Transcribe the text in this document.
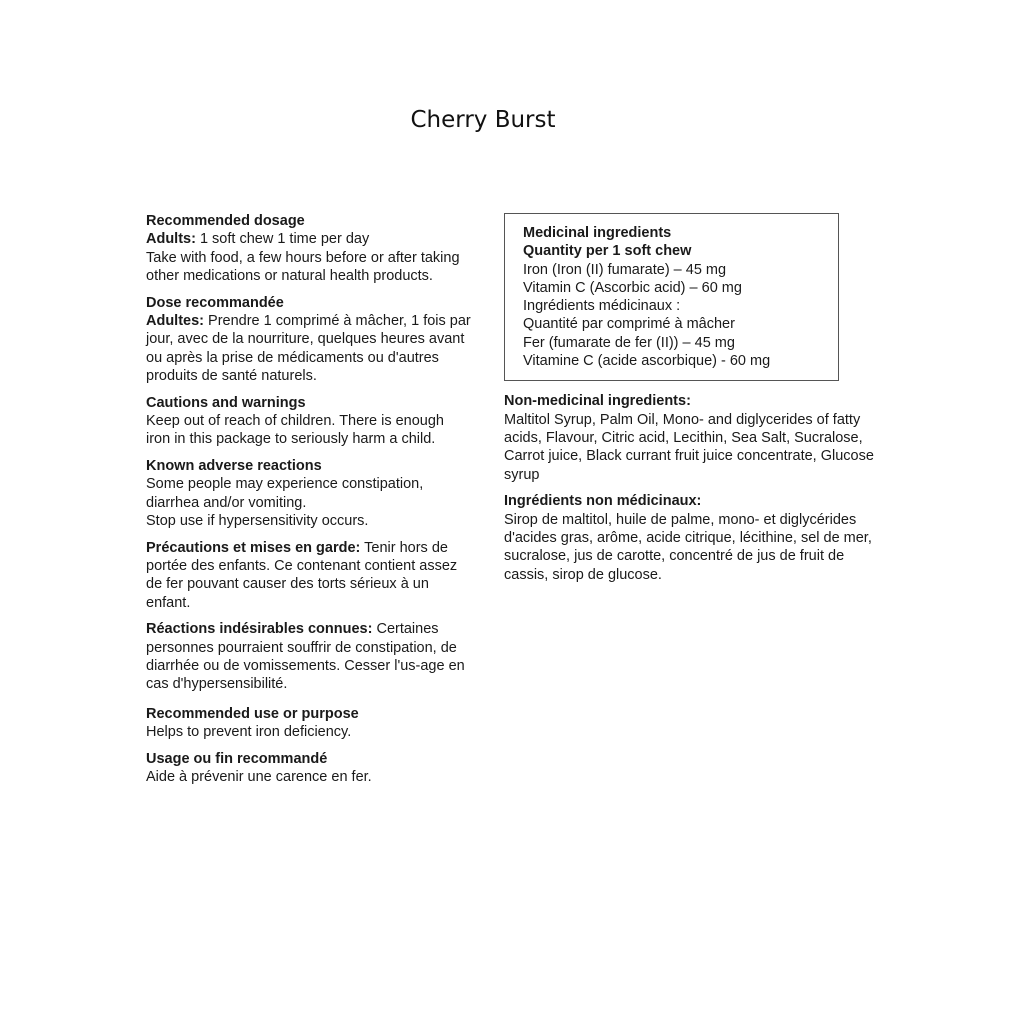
Cherry Burst
Recommended dosage

Adults: 1 soft chew 1 time per day

Take with food, a few hours before or after taking other medications or natural health products.

Dose recommandée

Adultes: Prendre 1 comprimé à mâcher, 1 fois par jour, avec de la nourriture, quelques heures avant ou après la prise de médicaments ou d'autres produits de santé naturels.

Cautions and warnings

Keep out of reach of children. There is enough iron in this package to seriously harm a child.

Known adverse reactions

Some people may experience constipation, diarrhea and/or vomiting.

Stop use if hypersensitivity occurs.

Précautions et mises en garde: Tenir hors de portée des enfants. Ce contenant contient assez de fer pouvant causer des torts sérieux à un enfant.

Réactions indésirables connues: Certaines personnes pourraient souffrir de constipation, de diarrhée ou de vomissements. Cesser l'us-age en cas d'hypersensibilité.

Recommended use or purpose

Helps to prevent iron deficiency.

Usage ou fin recommandé

Aide à prévenir une carence en fer.

Medicinal ingredients

Quantity per 1 soft chew

Iron (Iron (II) fumarate) – 45 mg

Vitamin C (Ascorbic acid) – 60 mg

Ingrédients médicinaux :

Quantité par comprimé à mâcher

Fer (fumarate de fer (II)) – 45 mg

Vitamine C (acide ascorbique) - 60 mg

Non-medicinal ingredients:

Maltitol Syrup, Palm Oil, Mono- and diglycerides of fatty acids, Flavour, Citric acid, Lecithin, Sea Salt, Sucralose, Carrot juice, Black currant fruit juice concentrate, Glucose syrup

Ingrédients non médicinaux:

Sirop de maltitol, huile de palme, mono- et diglycérides d'acides gras, arôme, acide citrique, lécithine, sel de mer, sucralose, jus de carotte, concentré de jus de fruit de cassis, sirop de glucose.
